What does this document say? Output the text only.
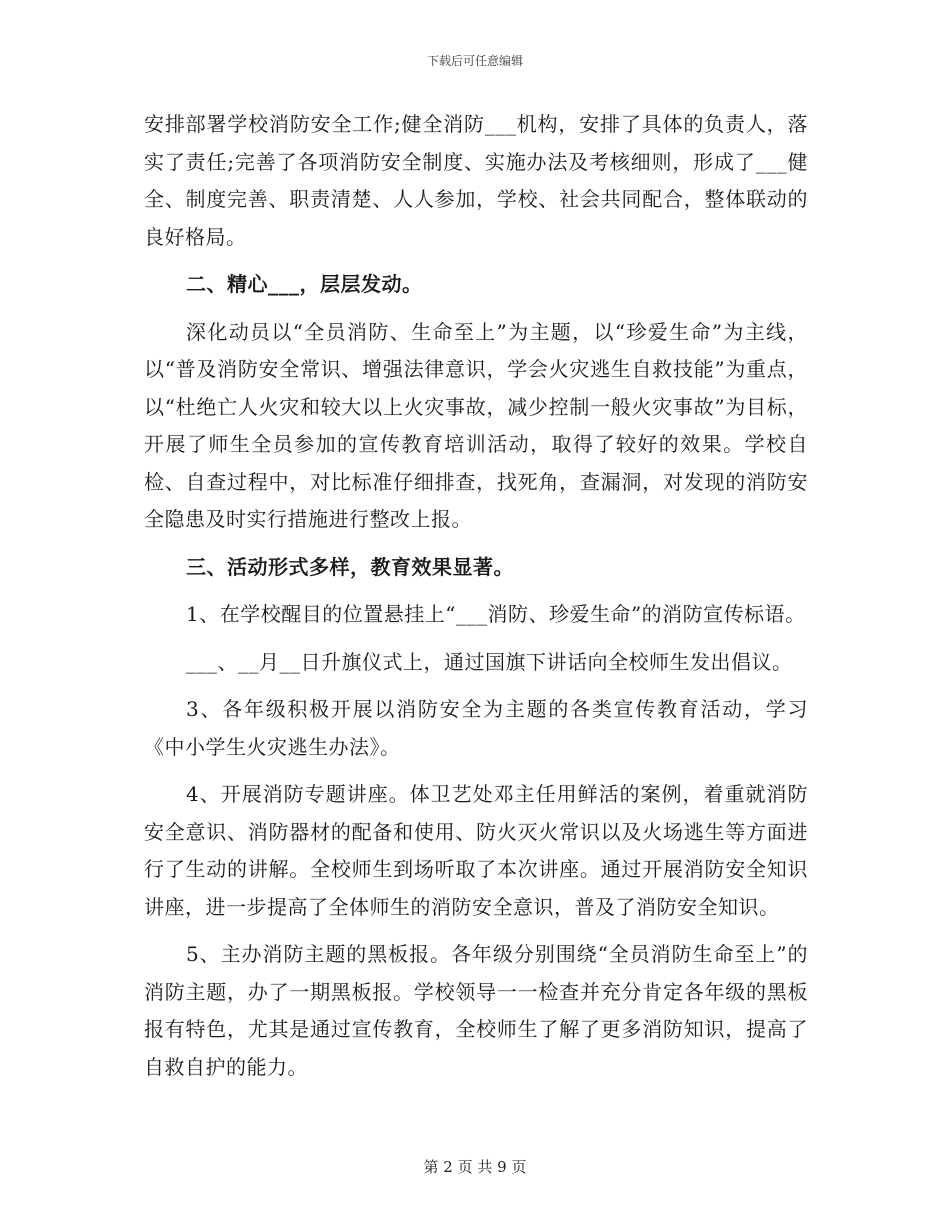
下载后可任意编辑

安排部署学校消防安全工作;健全消防___机构，安排了具体的负责人，落实了责任;完善了各项消防安全制度、实施办法及考核细则，形成了___健全、制度完善、职责清楚、人人参加，学校、社会共同配合，整体联动的良好格局。

二、精心___，层层发动。

深化动员以“全员消防、生命至上”为主题，以“珍爱生命”为主线，以“普及消防安全常识、增强法律意识，学会火灾逃生自救技能”为重点，以“杜绝亡人火灾和较大以上火灾事故，减少控制一般火灾事故”为目标，开展了师生全员参加的宣传教育培训活动，取得了较好的效果。学校自检、自查过程中，对比标准仔细排查，找死角，查漏洞，对发现的消防安全隐患及时实行措施进行整改上报。

三、活动形式多样，教育效果显著。

1、在学校醒目的位置悬挂上“___消防、珍爱生命”的消防宣传标语。

___、__月__日升旗仪式上，通过国旗下讲话向全校师生发出倡议。

3、各年级积极开展以消防安全为主题的各类宣传教育活动，学习《中小学生火灾逃生办法》。

4、开展消防专题讲座。体卫艺处邓主任用鲜活的案例，着重就消防安全意识、消防器材的配备和使用、防火灭火常识以及火场逃生等方面进行了生动的讲解。全校师生到场听取了本次讲座。通过开展消防安全知识讲座，进一步提高了全体师生的消防安全意识，普及了消防安全知识。

5、主办消防主题的黑板报。各年级分别围绕“全员消防生命至上”的消防主题，办了一期黑板报。学校领导一一检查并充分肯定各年级的黑板报有特色，尤其是通过宣传教育，全校师生了解了更多消防知识，提高了自救自护的能力。

第 2 页 共 9 页
